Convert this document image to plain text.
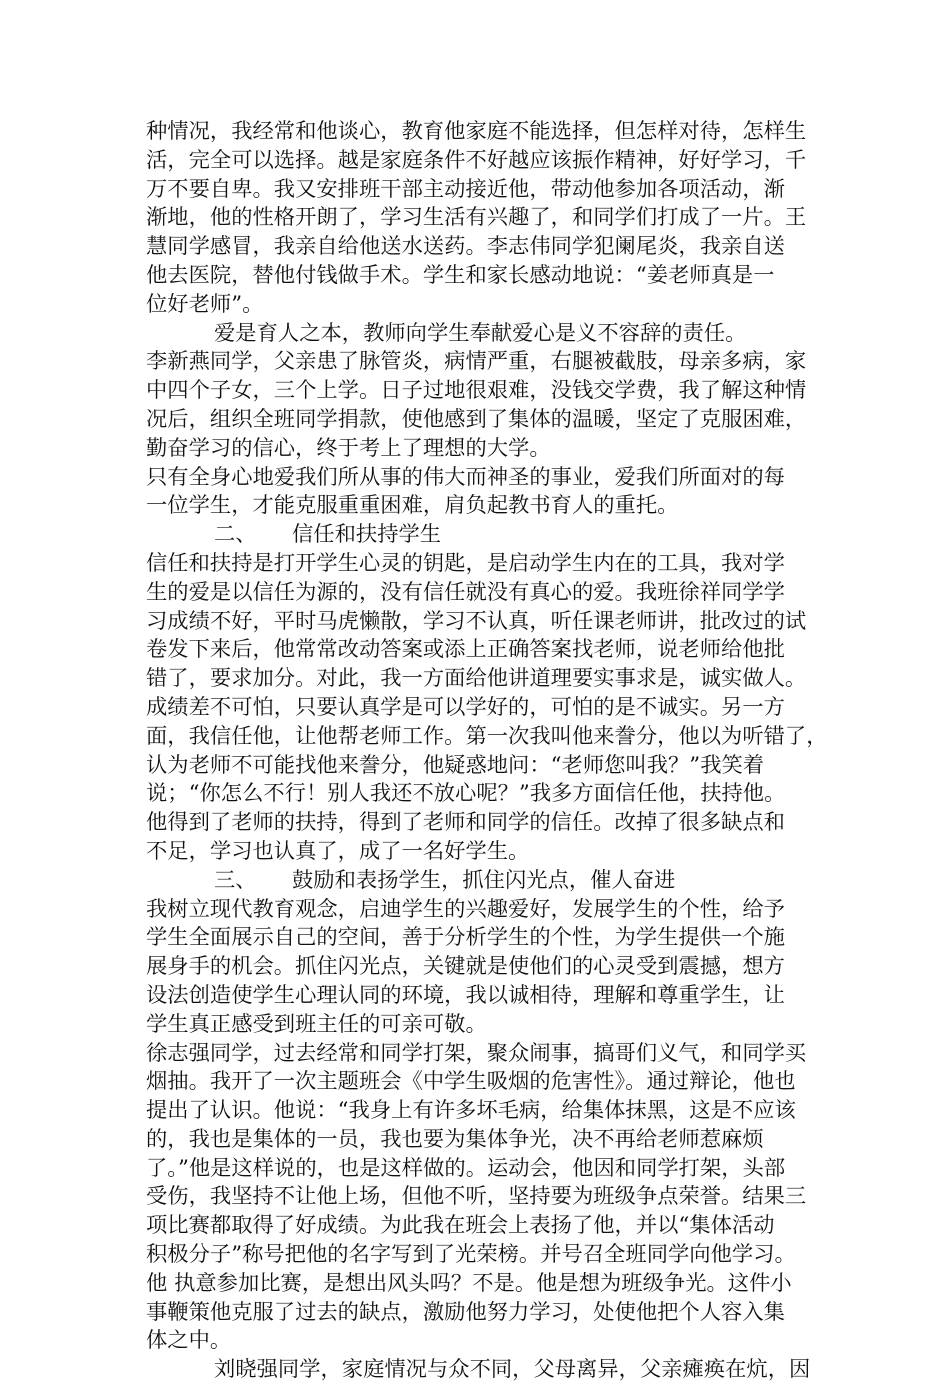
种情况，我经常和他谈心，教育他家庭不能选择，但怎样对待，怎样生
活，完全可以选择。越是家庭条件不好越应该振作精神，好好学习，千
万不要自卑。我又安排班干部主动接近他，带动他参加各项活动，渐
渐地，他的性格开朗了，学习生活有兴趣了，和同学们打成了一片。王
慧同学感冒，我亲自给他送水送药。李志伟同学犯阑尾炎，我亲自送
他去医院，替他付钱做手术。学生和家长感动地说：“姜老师真是一
位好老师”。
爱是育人之本，教师向学生奉献爱心是义不容辞的责任。
李新燕同学，父亲患了脉管炎，病情严重，右腿被截肢，母亲多病，家
中四个子女，三个上学。日子过地很艰难，没钱交学费，我了解这种情
况后，组织全班同学捐款，使他感到了集体的温暖，坚定了克服困难，
勤奋学习的信心，终于考上了理想的大学。
只有全身心地爱我们所从事的伟大而神圣的事业，爱我们所面对的每
一位学生，才能克服重重困难，肩负起教书育人的重托。
二、 信任和扶持学生
信任和扶持是打开学生心灵的钥匙，是启动学生内在的工具，我对学
生的爱是以信任为源的，没有信任就没有真心的爱。我班徐祥同学学
习成绩不好，平时马虎懒散，学习不认真，听任课老师讲，批改过的试
卷发下来后，他常常改动答案或添上正确答案找老师，说老师给他批
错了，要求加分。对此，我一方面给他讲道理要实事求是，诚实做人。
成绩差不可怕，只要认真学是可以学好的，可怕的是不诚实。另一方
面，我信任他，让他帮老师工作。第一次我叫他来誊分，他以为听错了，
认为老师不可能找他来誊分，他疑惑地问：“老师您叫我？”我笑着
说；“你怎么不行！别人我还不放心呢？”我多方面信任他，扶持他。
他得到了老师的扶持，得到了老师和同学的信任。改掉了很多缺点和
不足，学习也认真了，成了一名好学生。
三、 鼓励和表扬学生，抓住闪光点，催人奋进
我树立现代教育观念，启迪学生的兴趣爱好，发展学生的个性，给予
学生全面展示自己的空间，善于分析学生的个性，为学生提供一个施
展身手的机会。抓住闪光点，关键就是使他们的心灵受到震撼，想方
设法创造使学生心理认同的环境，我以诚相待，理解和尊重学生，让
学生真正感受到班主任的可亲可敬。
徐志强同学，过去经常和同学打架，聚众闹事，搞哥们义气，和同学买
烟抽。我开了一次主题班会《中学生吸烟的危害性》。通过辩论，他也
提出了认识。他说：“我身上有许多坏毛病，给集体抹黑，这是不应该
的，我也是集体的一员，我也要为集体争光，决不再给老师惹麻烦
了。”他是这样说的，也是这样做的。运动会，他因和同学打架，头部
受伤，我坚持不让他上场，但他不听，坚持要为班级争点荣誉。结果三
项比赛都取得了好成绩。为此我在班会上表扬了他，并以“集体活动
积极分子”称号把他的名字写到了光荣榜。并号召全班同学向他学习。
他 执意参加比赛，是想出风头吗？不是。他是想为班级争光。这件小
事鞭策他克服了过去的缺点，激励他努力学习，处使他把个人容入集
体之中。
刘晓强同学，家庭情况与众不同，父母离异，父亲瘫痪在炕，因
